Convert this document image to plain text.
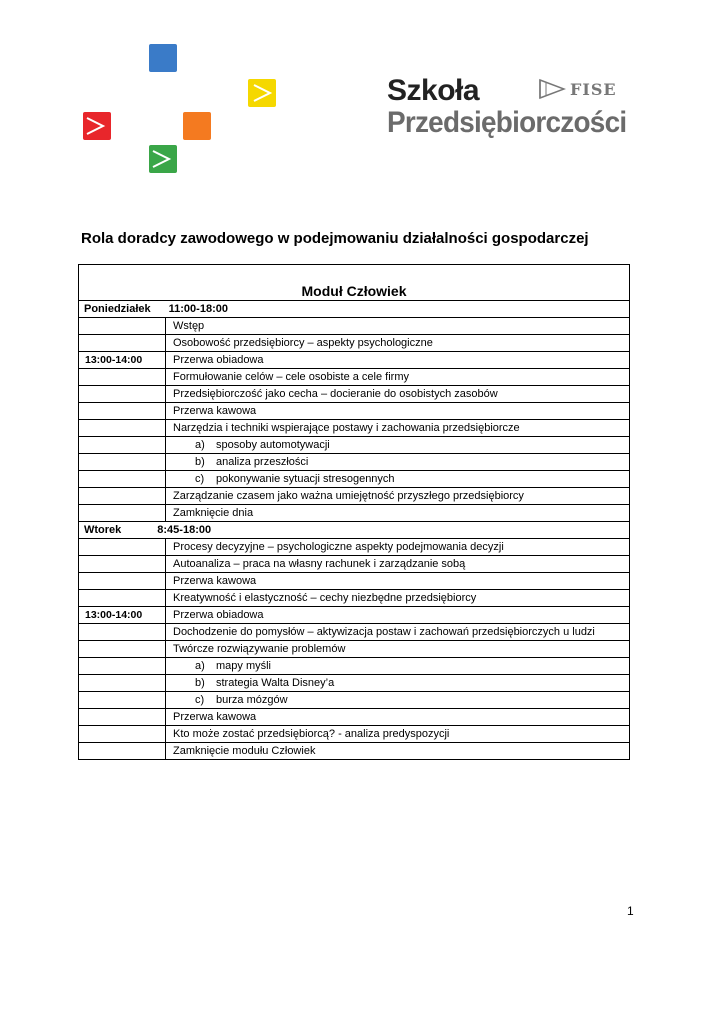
Szkoła
Przedsiębiorczości
FISE
Rola doradcy zawodowego w podejmowaniu działalności gospodarczej
Moduł Człowiek	
Poniedziałek 11:00-18:00	
	Wstęp
	Osobowość przedsiębiorcy – aspekty psychologiczne
13:00-14:00	Przerwa obiadowa
	Formułowanie celów – cele osobiste a cele firmy
	Przedsiębiorczość jako cecha – docieranie do osobistych zasobów
	Przerwa kawowa
	Narzędzia i techniki wspierające postawy i zachowania przedsiębiorcze
	a) sposoby automotywacji
	b) analiza przeszłości
	c) pokonywanie sytuacji stresogennych
	Zarządzanie czasem jako ważna umiejętność przyszłego przedsiębiorcy
	Zamknięcie dnia
Wtorek 8:45-18:00	
	Procesy decyzyjne – psychologiczne aspekty podejmowania decyzji
	Autoanaliza – praca na własny rachunek i zarządzanie sobą
	Przerwa kawowa
	Kreatywność i elastyczność – cechy niezbędne przedsiębiorcy
13:00-14:00	Przerwa obiadowa
	Dochodzenie do pomysłów – aktywizacja postaw i zachowań przedsiębiorczych u ludzi
	Twórcze rozwiązywanie problemów
	a) mapy myśli
	b) strategia Walta Disney’a
	c) burza mózgów
	Przerwa kawowa
	Kto może zostać przedsiębiorcą? - analiza predyspozycji
	Zamknięcie modułu Człowiek
1
